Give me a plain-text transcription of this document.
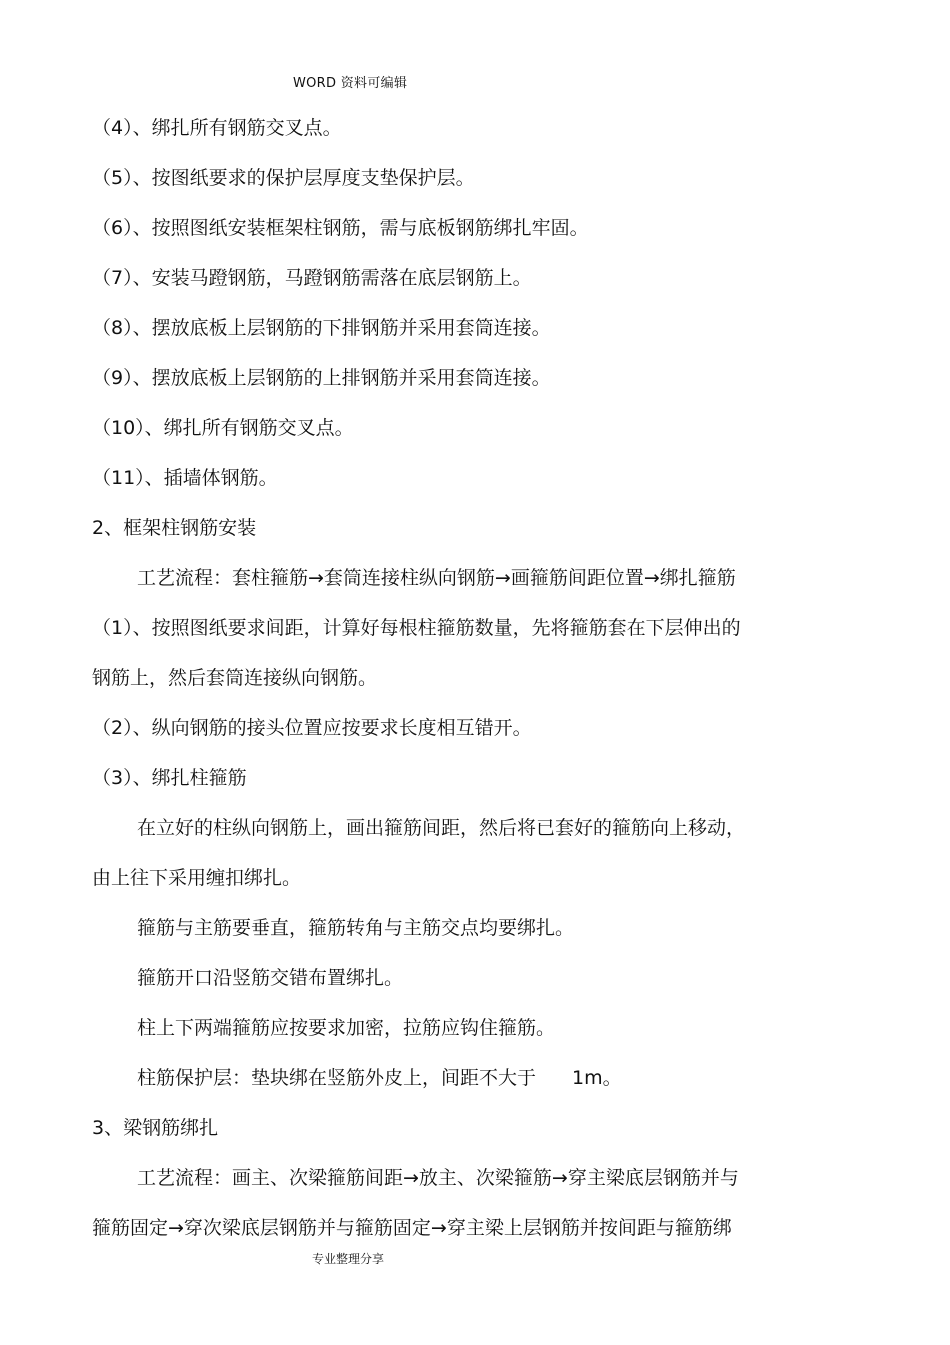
WORD 资料可编辑
（4）、绑扎所有钢筋交叉点。
（5）、按图纸要求的保护层厚度支垫保护层。
（6）、按照图纸安装框架柱钢筋，需与底板钢筋绑扎牢固。
（7）、安装马蹬钢筋，马蹬钢筋需落在底层钢筋上。
（8）、摆放底板上层钢筋的下排钢筋并采用套筒连接。
（9）、摆放底板上层钢筋的上排钢筋并采用套筒连接。
（10）、绑扎所有钢筋交叉点。
（11）、插墙体钢筋。
2、框架柱钢筋安装
工艺流程：套柱箍筋→套筒连接柱纵向钢筋→画箍筋间距位置→绑扎箍筋
（1）、按照图纸要求间距，计算好每根柱箍筋数量，先将箍筋套在下层伸出的
钢筋上，然后套筒连接纵向钢筋。
（2）、纵向钢筋的接头位置应按要求长度相互错开。
（3）、绑扎柱箍筋
在立好的柱纵向钢筋上，画出箍筋间距，然后将已套好的箍筋向上移动，
由上往下采用缠扣绑扎。
箍筋与主筋要垂直，箍筋转角与主筋交点均要绑扎。
箍筋开口沿竖筋交错布置绑扎。
柱上下两端箍筋应按要求加密，拉筋应钩住箍筋。
柱筋保护层：垫块绑在竖筋外皮上，间距不大于 1m。
3、梁钢筋绑扎
工艺流程：画主、次梁箍筋间距→放主、次梁箍筋→穿主梁底层钢筋并与
箍筋固定→穿次梁底层钢筋并与箍筋固定→穿主梁上层钢筋并按间距与箍筋绑
专业整理分享
